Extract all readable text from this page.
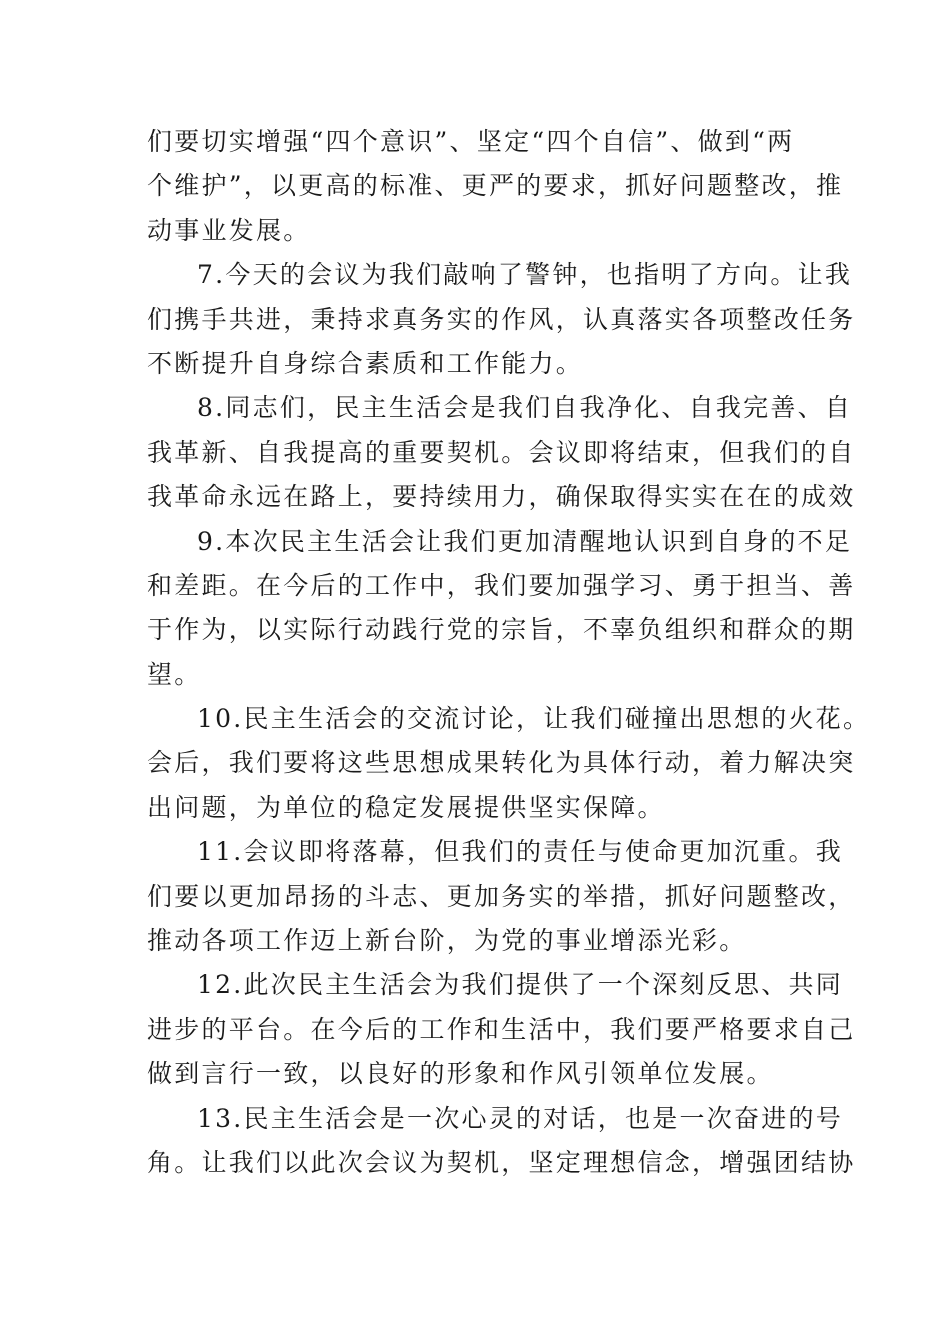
们要切实增强“四个意识”、坚定“四个自信”、做到“两
个维护”，以更高的标准、更严的要求，抓好问题整改，推
动事业发展。
7.今天的会议为我们敲响了警钟，也指明了方向。让我
们携手共进，秉持求真务实的作风，认真落实各项整改任务
不断提升自身综合素质和工作能力。
8.同志们，民主生活会是我们自我净化、自我完善、自
我革新、自我提高的重要契机。会议即将结束，但我们的自
我革命永远在路上，要持续用力，确保取得实实在在的成效
9.本次民主生活会让我们更加清醒地认识到自身的不足
和差距。在今后的工作中，我们要加强学习、勇于担当、善
于作为，以实际行动践行党的宗旨，不辜负组织和群众的期
望。
10.民主生活会的交流讨论，让我们碰撞出思想的火花。
会后，我们要将这些思想成果转化为具体行动，着力解决突
出问题，为单位的稳定发展提供坚实保障。
11.会议即将落幕，但我们的责任与使命更加沉重。我
们要以更加昂扬的斗志、更加务实的举措，抓好问题整改，
推动各项工作迈上新台阶，为党的事业增添光彩。
12.此次民主生活会为我们提供了一个深刻反思、共同
进步的平台。在今后的工作和生活中，我们要严格要求自己
做到言行一致，以良好的形象和作风引领单位发展。
13.民主生活会是一次心灵的对话，也是一次奋进的号
角。让我们以此次会议为契机，坚定理想信念，增强团结协
